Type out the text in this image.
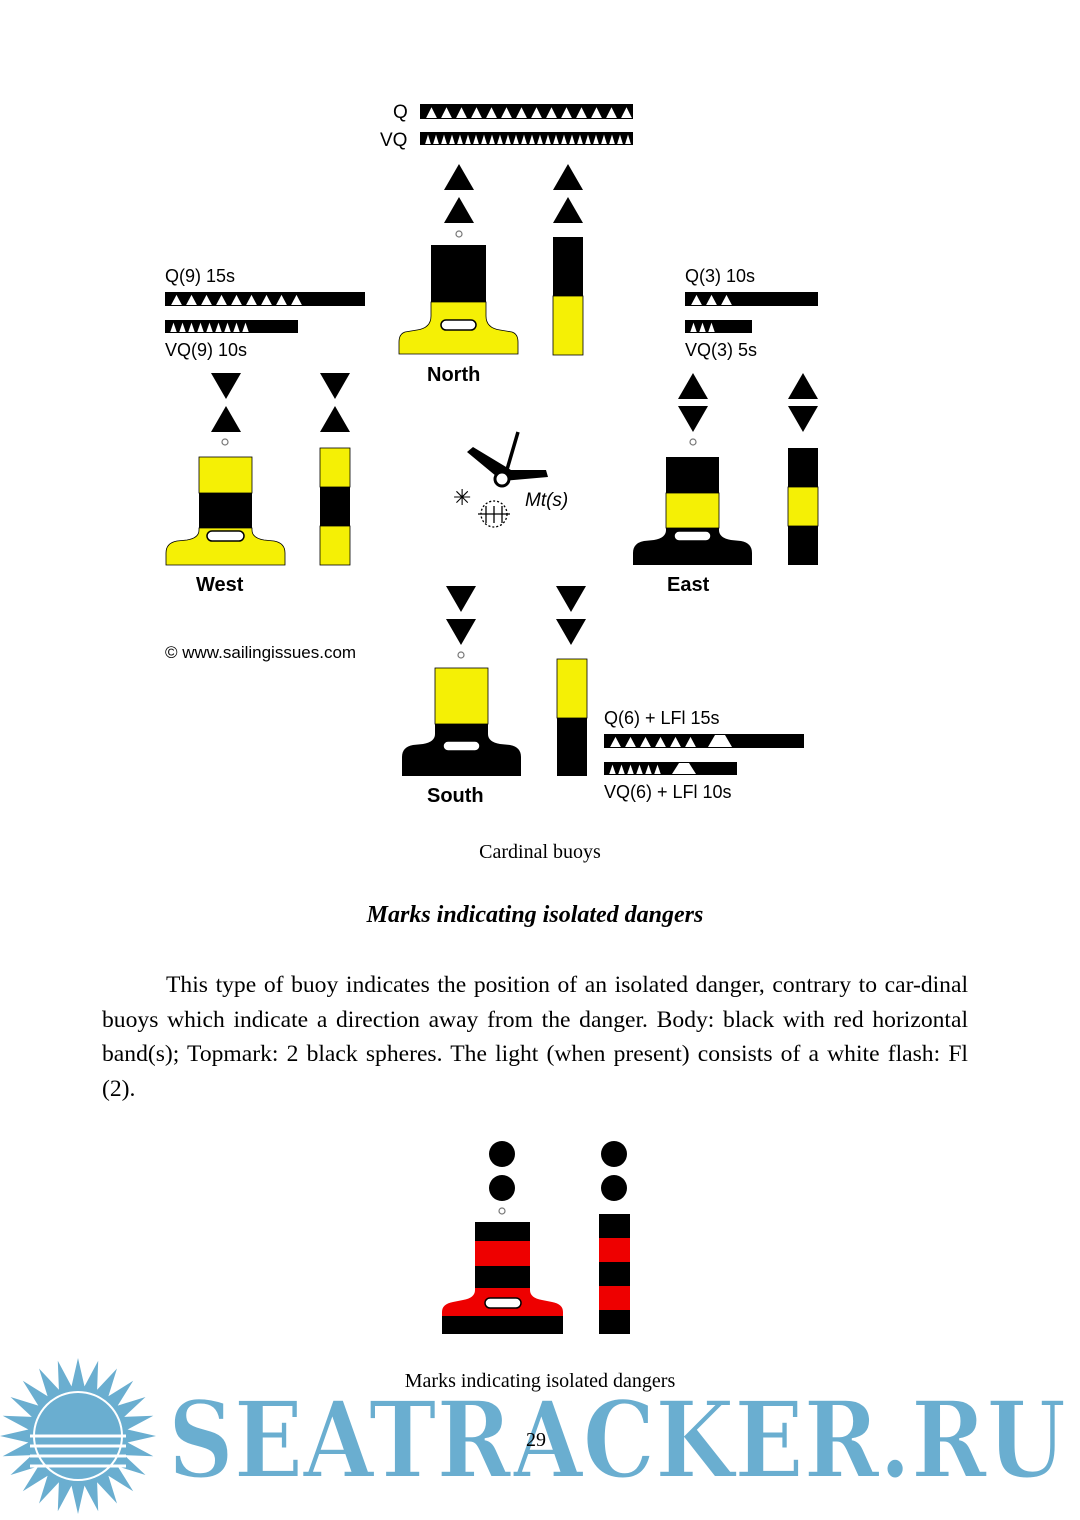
Q
VQ
North
Q(9) 15s
VQ(9) 10s
West
Q(3) 10s
VQ(3) 5s
East
✳	Mt(s)
© www.sailingissues.com
South
Q(6) + LFl 15s
VQ(6) + LFl 10s
Cardinal buoys
Marks indicating isolated dangers

This type of buoy indicates the position of an isolated danger, contrary to car-dinal buoys which indicate a direction away from the danger. Body: black with red horizontal band(s); Topmark: 2 black spheres. The light (when present) consists of a white flash: Fl (2).

SEATRACKER.RU
Marks indicating isolated dangers
29
